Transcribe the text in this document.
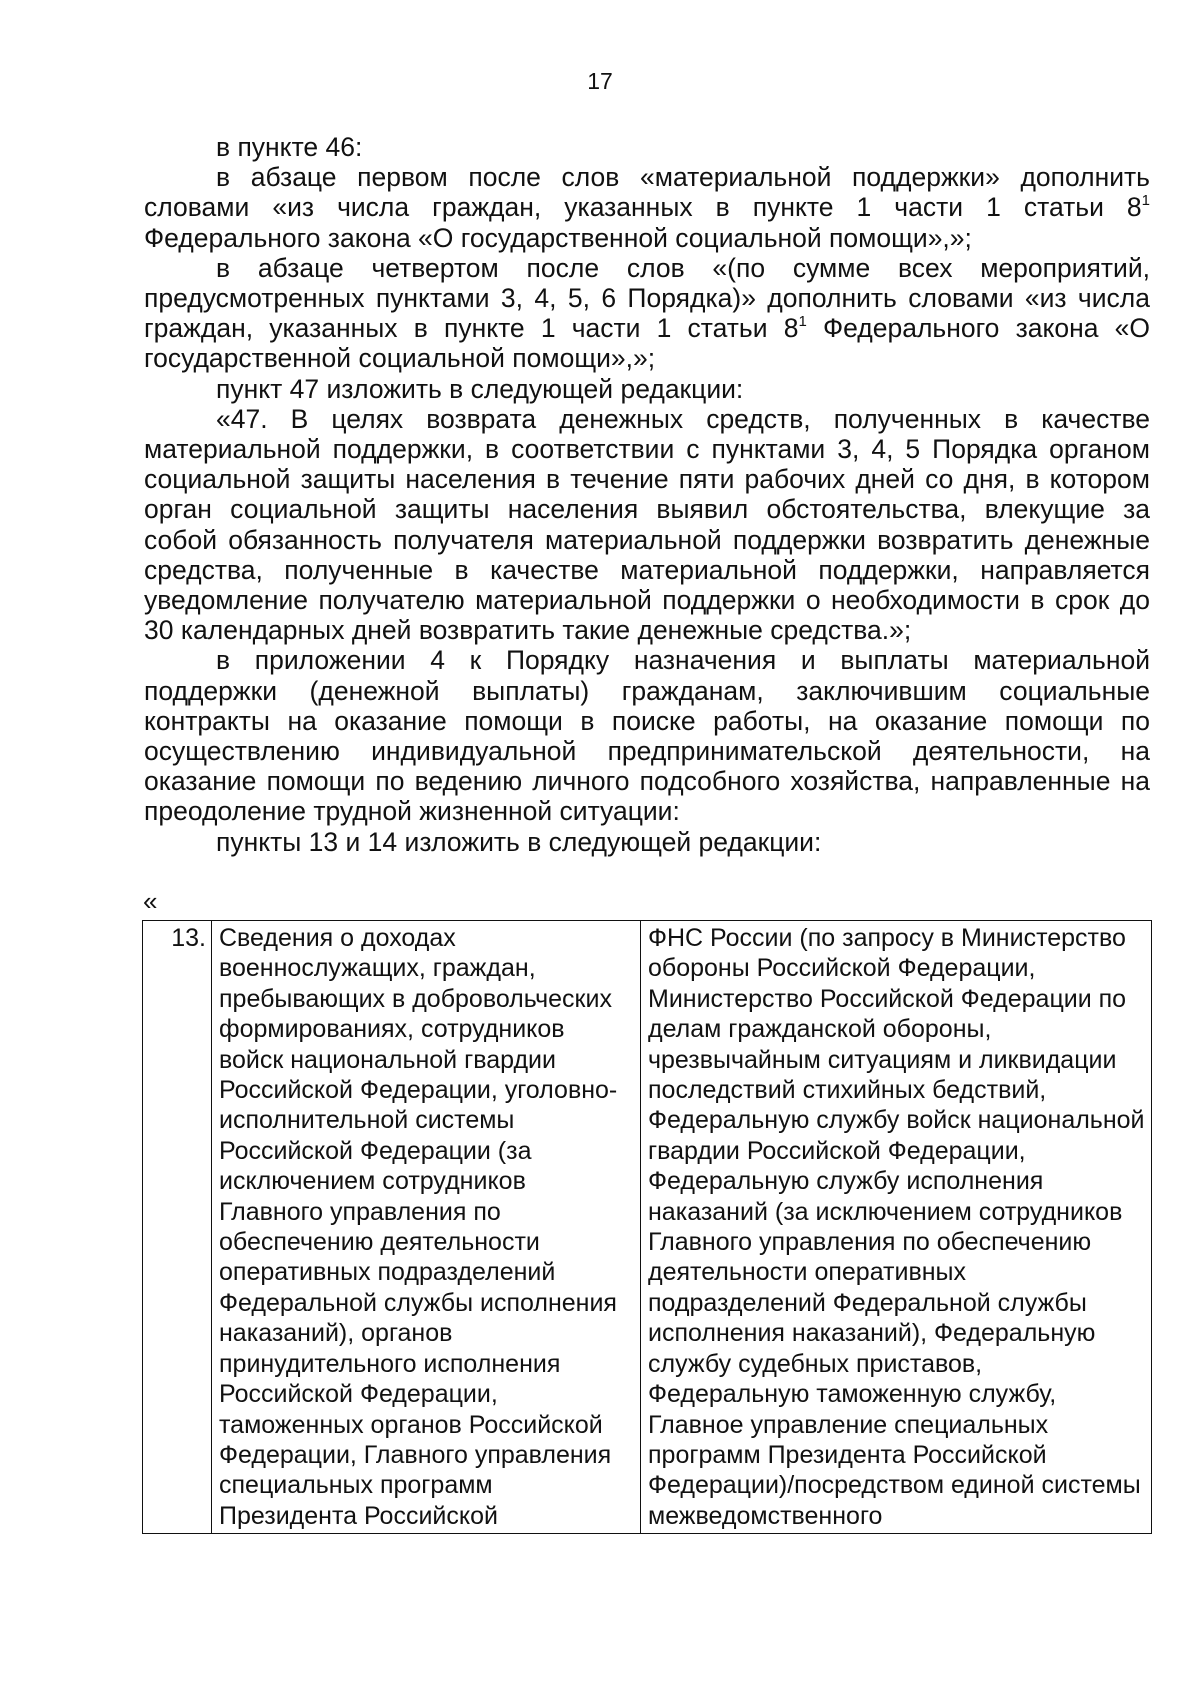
17

в пункте 46:

в абзаце первом после слов «материальной поддержки» дополнить словами «из числа граждан, указанных в пункте 1 части 1 статьи $8^1$ Федерального закона «О государственной социальной помощи»,»;

в абзаце четвертом после слов «(по сумме всех мероприятий, предусмотренных пунктами 3, 4, 5, 6 Порядка)» дополнить словами «из числа граждан, указанных в пункте 1 части 1 статьи $8^1$ Федерального закона «О государственной социальной помощи»,»;

пункт 47 изложить в следующей редакции:

«47. В целях возврата денежных средств, полученных в качестве материальной поддержки, в соответствии с пунктами 3, 4, 5 Порядка органом социальной защиты населения в течение пяти рабочих дней со дня, в котором орган социальной защиты населения выявил обстоятельства, влекущие за собой обязанность получателя материальной поддержки возвратить денежные средства, полученные в качестве материальной поддержки, направляется уведомление получателю материальной поддержки о необходимости в срок до 30 календарных дней возвратить такие денежные средства.»;

в приложении 4 к Порядку назначения и выплаты материальной поддержки (денежной выплаты) гражданам, заключившим социальные контракты на оказание помощи в поиске работы, на оказание помощи по осуществлению индивидуальной предпринимательской деятельности, на оказание помощи по ведению личного подсобного хозяйства, направленные на преодоление трудной жизненной ситуации:

пункты 13 и 14 изложить в следующей редакции:

«
13.	Сведения о доходах военнослужащих, граждан, пребывающих в добровольческих формированиях, сотрудников войск национальной гвардии Российской Федерации, уголовно-исполнительной системы Российской Федерации (за исключением сотрудников Главного управления по обеспечению деятельности оперативных подразделений Федеральной службы исполнения наказаний), органов принудительного исполнения Российской Федерации, таможенных органов Российской Федерации, Главного управления специальных программ Президента Российской	ФНС России (по запросу в Министерство обороны Российской Федерации, Министерство Российской Федерации по делам гражданской обороны, чрезвычайным ситуациям и ликвидации последствий стихийных бедствий, Федеральную службу войск национальной гвардии Российской Федерации, Федеральную службу исполнения наказаний (за исключением сотрудников Главного управления по обеспечению деятельности оперативных подразделений Федеральной службы исполнения наказаний), Федеральную службу судебных приставов, Федеральную таможенную службу, Главное управление специальных программ Президента Российской Федерации)/посредством единой системы межведомственного
